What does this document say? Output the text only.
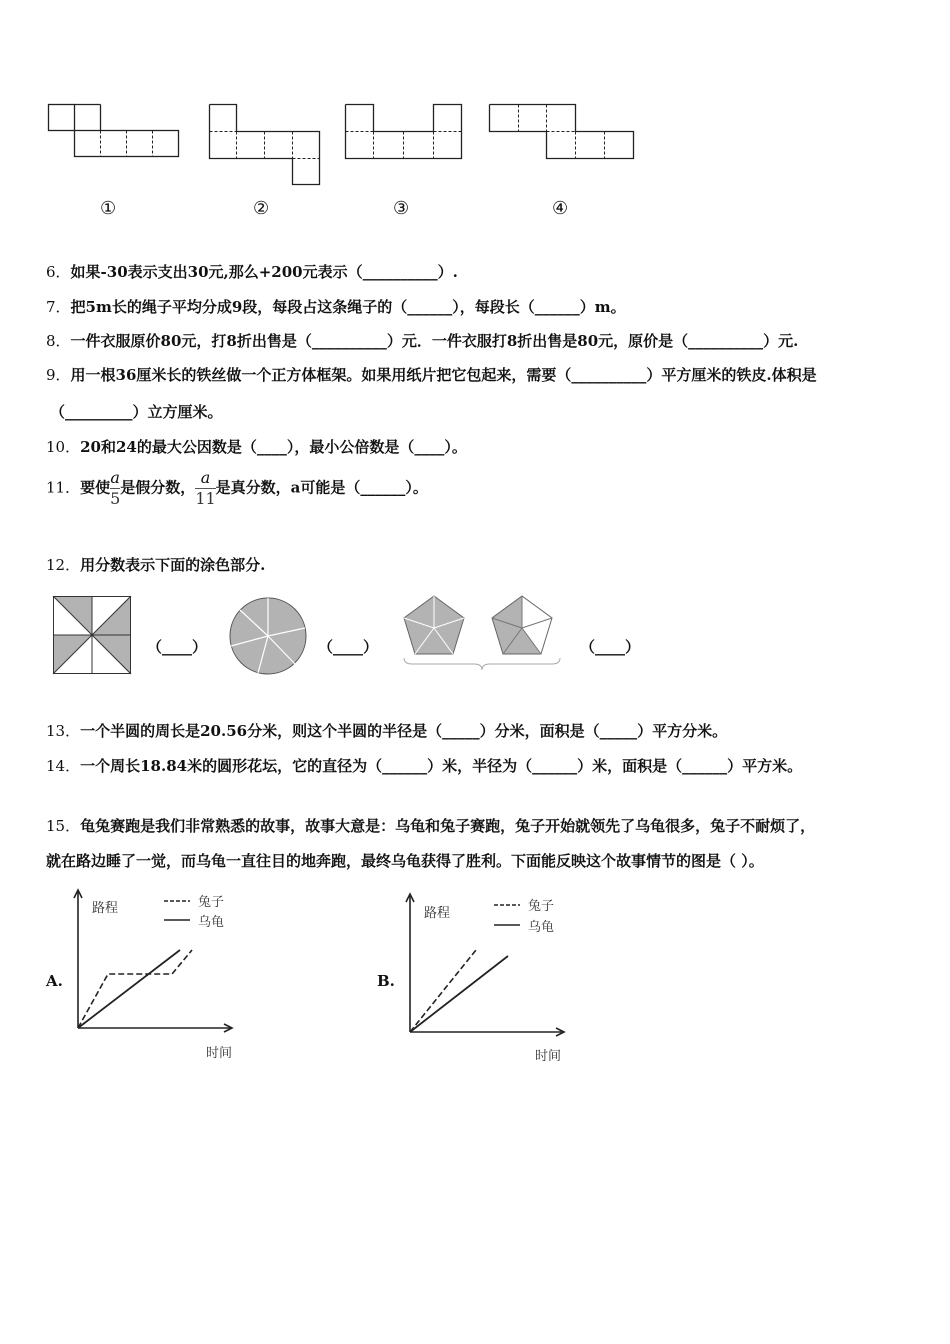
①	②	③	④
6．如果-30表示支出30元,那么+200元表示（__________）.
7．把5m长的绳子平均分成9段，每段占这条绳子的（______），每段长（______）m。
8．一件衣服原价80元，打8折出售是（__________）元．一件衣服打8折出售是80元，原价是（__________）元.
9．用一根36厘米长的铁丝做一个正方体框架。如果用纸片把它包起来，需要（__________）平方厘米的铁皮.体积是
（_________）立方厘米。
10．20和24的最大公因数是（____），最小公倍数是（____）。
11．要使 $\frac{a}{5}$ 是假分数， $\frac{a}{11}$ 是真分数，a可能是（______）。
12．用分数表示下面的涂色部分.
（____）	（____）	（____）
13．一个半圆的周长是20.56分米，则这个半圆的半径是（_____）分米，面积是（_____）平方分米。
14．一个周长18.84米的圆形花坛，它的直径为（______）米，半径为（______）米，面积是（______）平方米。
15．龟兔赛跑是我们非常熟悉的故事，故事大意是：乌龟和兔子赛跑，兔子开始就领先了乌龟很多，兔子不耐烦了，
就在路边睡了一觉，而乌龟一直往目的地奔跑，最终乌龟获得了胜利。下面能反映这个故事情节的图是（ ）。
A.
路程	兔子
乌龟
时间
B.
路程	兔子
乌龟
时间
